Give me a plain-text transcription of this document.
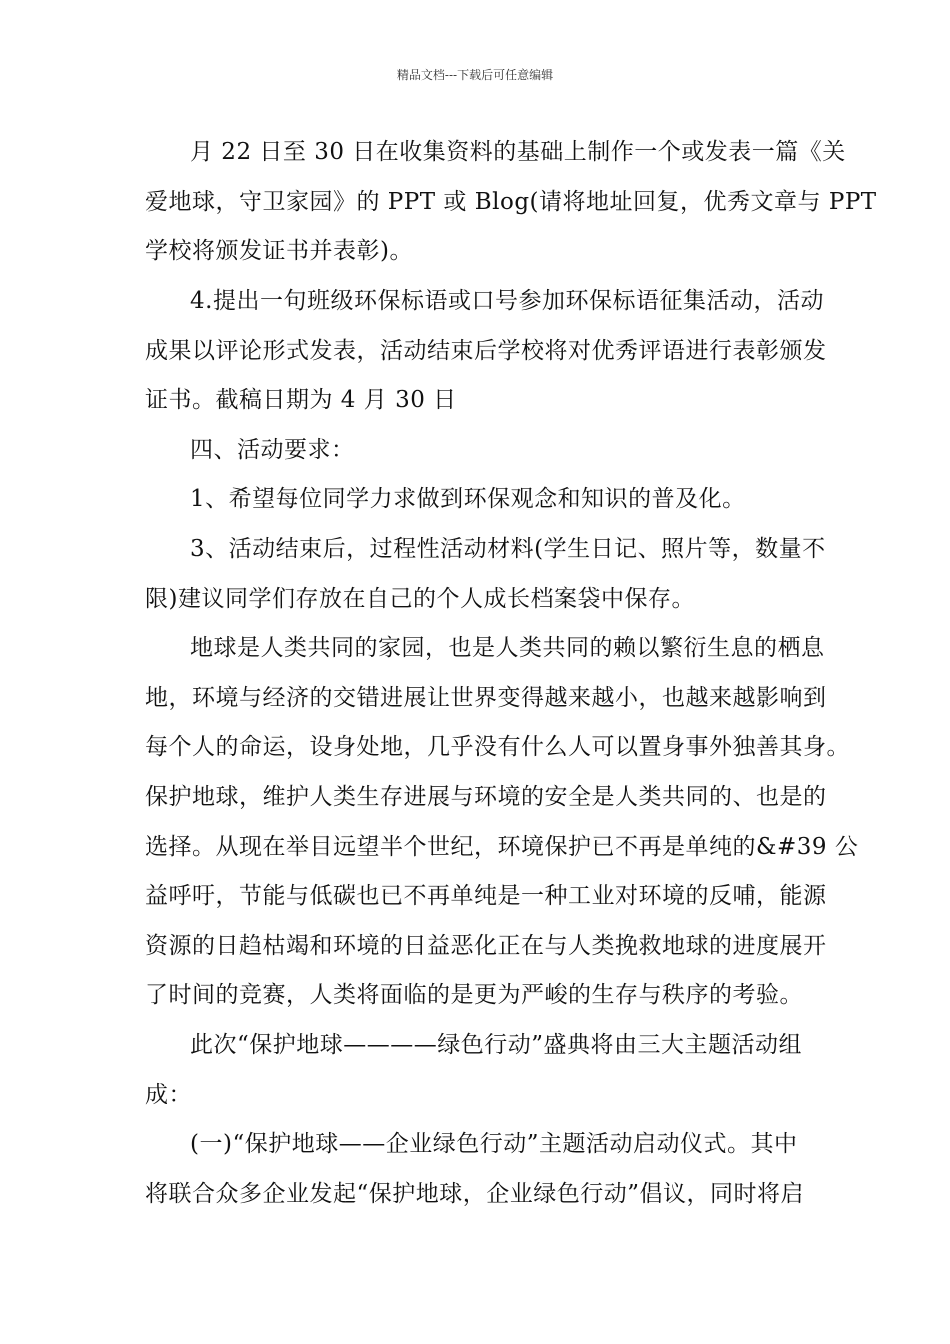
精品文档---下载后可任意编辑
月 22 日至 30 日在收集资料的基础上制作一个或发表一篇《关
爱地球，守卫家园》的 PPT 或 Blog(请将地址回复，优秀文章与 PPT
学校将颁发证书并表彰)。
4.提出一句班级环保标语或口号参加环保标语征集活动，活动
成果以评论形式发表，活动结束后学校将对优秀评语进行表彰颁发
证书。截稿日期为 4 月 30 日
四、活动要求：
1、希望每位同学力求做到环保观念和知识的普及化。
3、活动结束后，过程性活动材料(学生日记、照片等，数量不
限)建议同学们存放在自己的个人成长档案袋中保存。
地球是人类共同的家园，也是人类共同的赖以繁衍生息的栖息
地，环境与经济的交错进展让世界变得越来越小，也越来越影响到
每个人的命运，设身处地，几乎没有什么人可以置身事外独善其身。
保护地球，维护人类生存进展与环境的安全是人类共同的、也是的
选择。从现在举目远望半个世纪，环境保护已不再是单纯的&#39 公
益呼吁，节能与低碳也已不再单纯是一种工业对环境的反哺，能源
资源的日趋枯竭和环境的日益恶化正在与人类挽救地球的进度展开
了时间的竞赛，人类将面临的是更为严峻的生存与秩序的考验。
此次“保护地球————绿色行动”盛典将由三大主题活动组
成：
(一)“保护地球——企业绿色行动”主题活动启动仪式。其中
将联合众多企业发起“保护地球，企业绿色行动”倡议，同时将启
